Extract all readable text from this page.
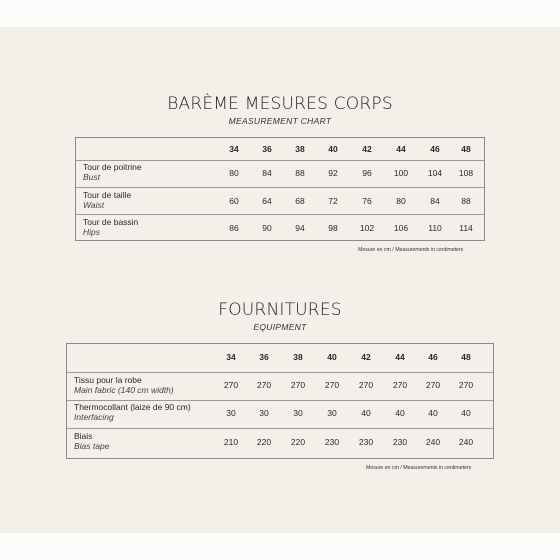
BARÈME MESURES CORPS
MEASUREMENT CHART
34	36	38	40	42	44	46	48
Tour de poitrine
Bust	80	84	88	92	96	100	104	108
Tour de taille
Waist	60	64	68	72	76	80	84	88
Tour de bassin
Hips	86	90	94	98	102	106	110	114
Mesure en cm / Measurements in centimeters
FOURNITURES
EQUIPMENT
34	36	38	40	42	44	46	48
Tissu pour la robe
Main fabric (140 cm width)	270	270	270	270	270	270	270	270
Thermocollant (laize de 90 cm)
Interfacing	30	30	30	30	40	40	40	40
Biais
Bias tape	210	220	220	230	230	230	240	240
Mesure en cm / Measurements in centimeters
